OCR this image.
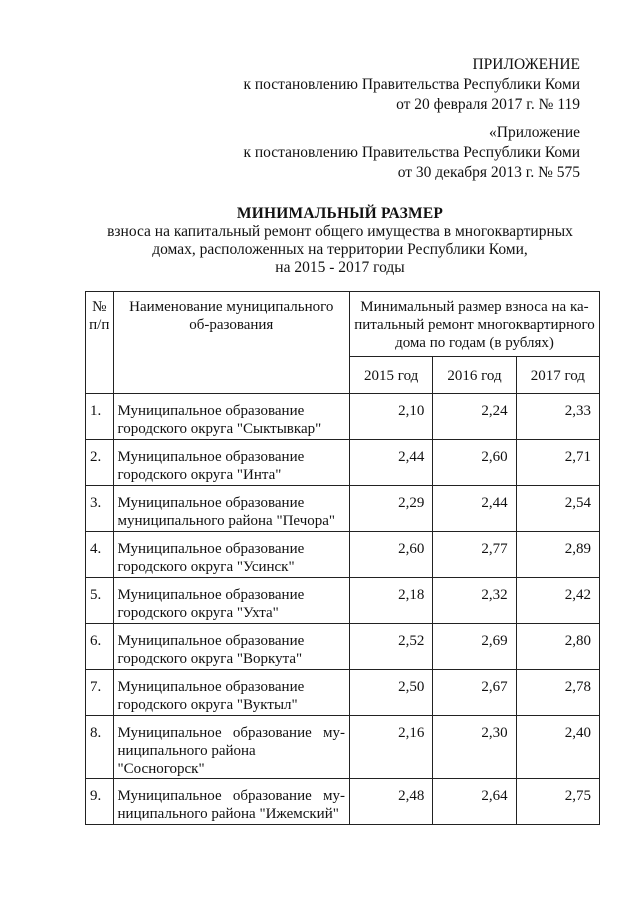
ПРИЛОЖЕНИЕ
к постановлению Правительства Республики Коми
от 20 февраля 2017 г. № 119
«Приложение
к постановлению Правительства Республики Коми
от 30 декабря 2013 г. № 575
МИНИМАЛЬНЫЙ РАЗМЕР
взноса на капитальный ремонт общего имущества в многоквартирных
домах, расположенных на территории Республики Коми,
на 2015 - 2017 годы
№ п/п	Наименование муниципального об-разования	Минимальный размер взноса на ка-питальный ремонт многоквартирного дома по годам (в рублях)		
		2015 год	2016 год	2017 год
1.	Муниципальное образование
городского округа "Сыктывкар"	2,10	2,24	2,33
2.	Муниципальное образование
городского округа "Инта"	2,44	2,60	2,71
3.	Муниципальное образование
муниципального района "Печора"	2,29	2,44	2,54
4.	Муниципальное образование
городского округа "Усинск"	2,60	2,77	2,89
5.	Муниципальное образование
городского округа "Ухта"	2,18	2,32	2,42
6.	Муниципальное образование
городского округа "Воркута"	2,52	2,69	2,80
7.	Муниципальное образование
городского округа "Вуктыл"	2,50	2,67	2,78
8.	Муниципальное   образование   му-
ниципального района "Сосногорск"	2,16	2,30	2,40
9.	Муниципальное   образование   му-
ниципального района "Ижемский"	2,48	2,64	2,75
